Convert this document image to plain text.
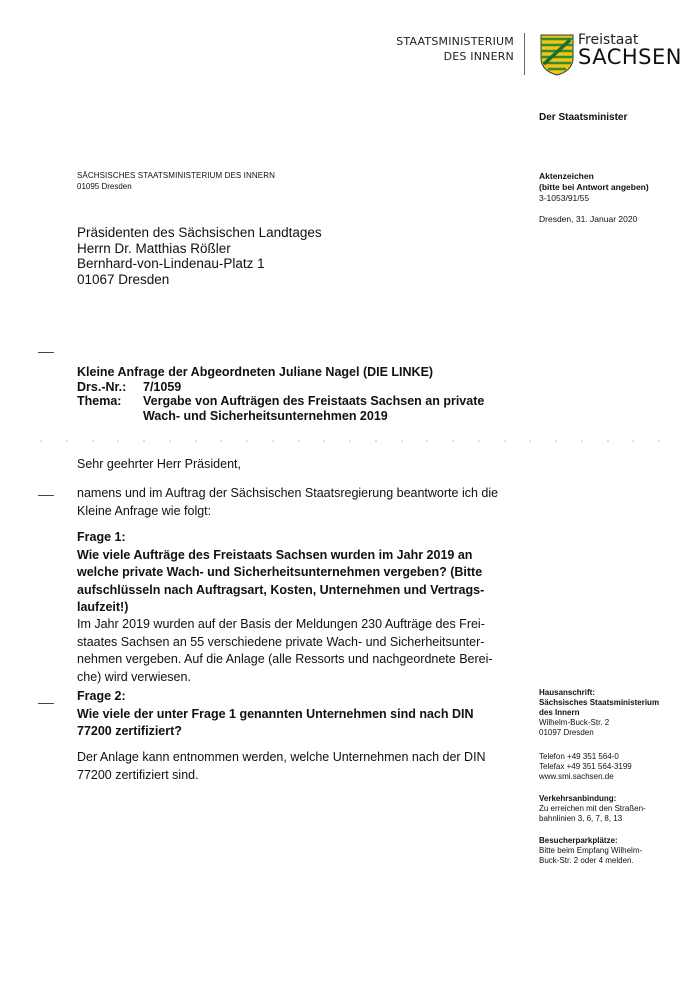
STAATSMINISTERIUM
DES INNERN
Freistaat
SACHSEN
Der Staatsminister
SÄCHSISCHES STAATSMINISTERIUM DES INNERN
01095 Dresden
Aktenzeichen
(bitte bei Antwort angeben)
3-1053/91/55
Dresden, 31. Januar 2020
Präsidenten des Sächsischen Landtages
Herrn Dr. Matthias Rößler
Bernhard-von-Lindenau-Platz 1
01067 Dresden
Kleine Anfrage der Abgeordneten Juliane Nagel (DIE LINKE)
Drs.-Nr.:	7/1059
Thema:	Vergabe von Aufträgen des Freistaats Sachsen an private
Wach- und Sicherheitsunternehmen 2019
Sehr geehrter Herr Präsident,
namens und im Auftrag der Sächsischen Staatsregierung beantworte ich die
Kleine Anfrage wie folgt:
Frage 1:
Wie viele Aufträge des Freistaats Sachsen wurden im Jahr 2019 an
welche private Wach- und Sicherheitsunternehmen vergeben? (Bitte
aufschlüsseln nach Auftragsart, Kosten, Unternehmen und Vertrags-
laufzeit!)
Im Jahr 2019 wurden auf der Basis der Meldungen 230 Aufträge des Frei-
staates Sachsen an 55 verschiedene private Wach- und Sicherheitsunter-
nehmen vergeben. Auf die Anlage (alle Ressorts und nachgeordnete Berei-
che) wird verwiesen.
Frage 2:
Wie viele der unter Frage 1 genannten Unternehmen sind nach DIN
77200 zertifiziert?
Der Anlage kann entnommen werden, welche Unternehmen nach der DIN
77200 zertifiziert sind.
Hausanschrift:
Sächsisches Staatsministerium
des Innern
Wilhelm-Buck-Str. 2
01097 Dresden
Telefon +49 351 564-0
Telefax +49 351 564-3199
www.smi.sachsen.de
Verkehrsanbindung:
Zu erreichen mit den Straßen-
bahnlinien 3, 6, 7, 8, 13
Besucherparkplätze:
Bitte beim Empfang Wilhelm-
Buck-Str. 2 oder 4 melden.
